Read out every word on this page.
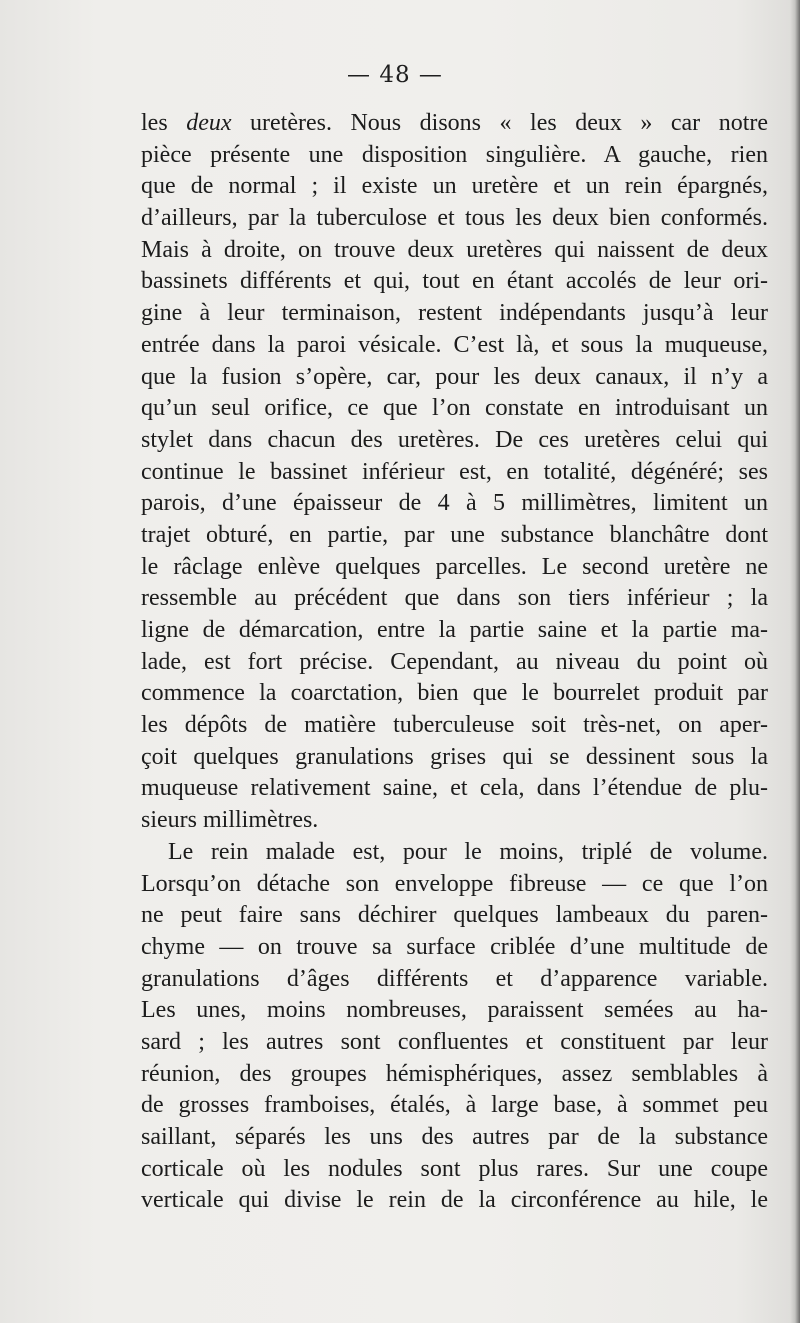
— 48 —
les deux uretères. Nous disons « les deux » car notre
pièce présente une disposition singulière. A gauche, rien
que de normal ; il existe un uretère et un rein épargnés,
d’ailleurs, par la tuberculose et tous les deux bien conformés.
Mais à droite, on trouve deux uretères qui naissent de deux
bassinets différents et qui, tout en étant accolés de leur ori-
gine à leur terminaison, restent indépendants jusqu’à leur
entrée dans la paroi vésicale. C’est là, et sous la muqueuse,
que la fusion s’opère, car, pour les deux canaux, il n’y a
qu’un seul orifice, ce que l’on constate en introduisant un
stylet dans chacun des uretères. De ces uretères celui qui
continue le bassinet inférieur est, en totalité, dégénéré; ses
parois, d’une épaisseur de 4 à 5 millimètres, limitent un
trajet obturé, en partie, par une substance blanchâtre dont
le râclage enlève quelques parcelles. Le second uretère ne
ressemble au précédent que dans son tiers inférieur ; la
ligne de démarcation, entre la partie saine et la partie ma-
lade, est fort précise. Cependant, au niveau du point où
commence la coarctation, bien que le bourrelet produit par
les dépôts de matière tuberculeuse soit très-net, on aper-
çoit quelques granulations grises qui se dessinent sous la
muqueuse relativement saine, et cela, dans l’étendue de plu-
sieurs millimètres.
Le rein malade est, pour le moins, triplé de volume.
Lorsqu’on détache son enveloppe fibreuse — ce que l’on
ne peut faire sans déchirer quelques lambeaux du paren-
chyme — on trouve sa surface criblée d’une multitude de
granulations d’âges différents et d’apparence variable.
Les unes, moins nombreuses, paraissent semées au ha-
sard ; les autres sont confluentes et constituent par leur
réunion, des groupes hémisphériques, assez semblables à
de grosses framboises, étalés, à large base, à sommet peu
saillant, séparés les uns des autres par de la substance
corticale où les nodules sont plus rares. Sur une coupe
verticale qui divise le rein de la circonférence au hile, le
